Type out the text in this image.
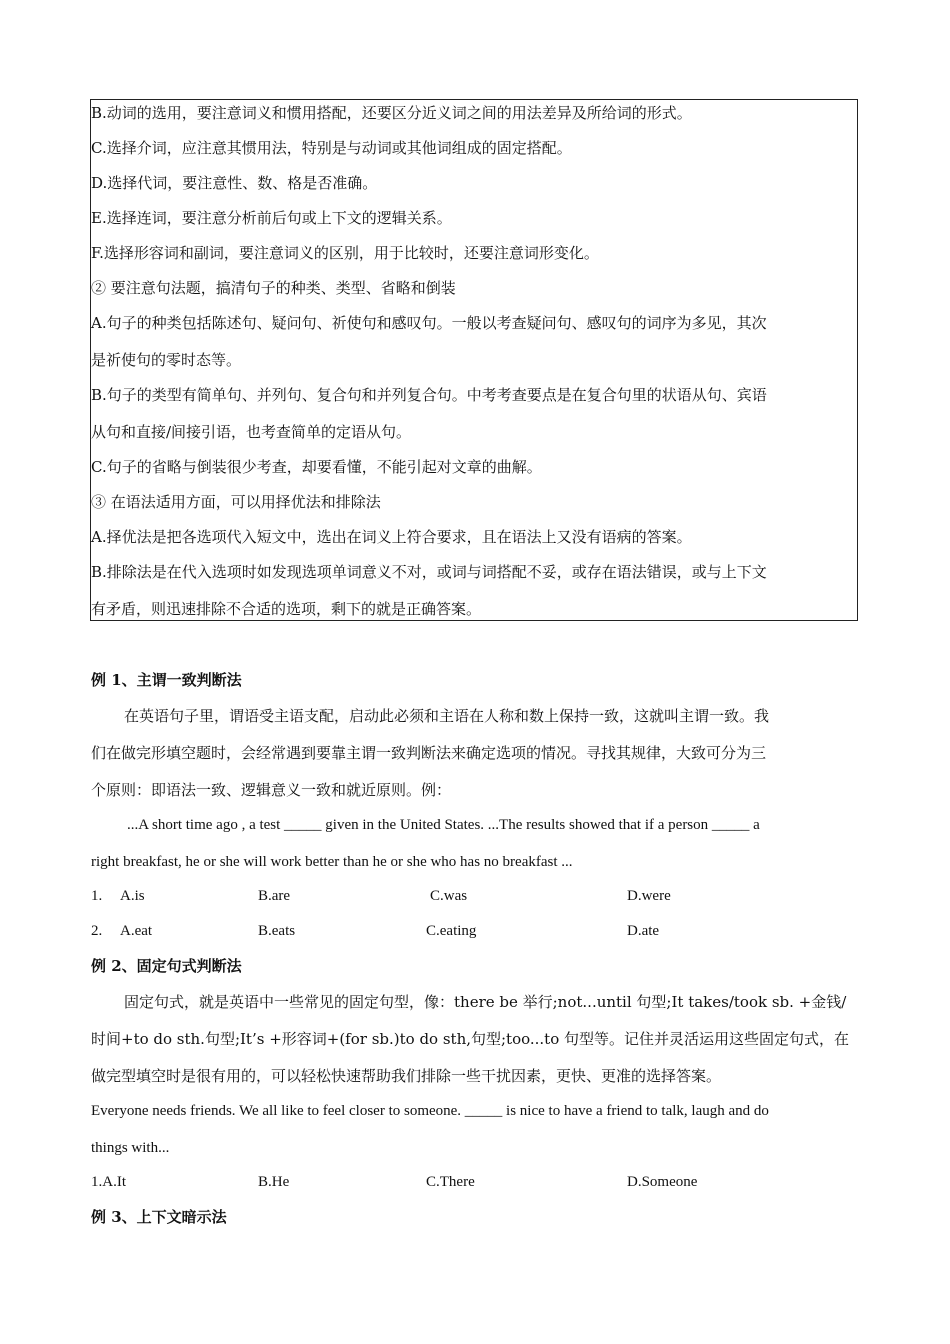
B.动词的选用，要注意词义和惯用搭配，还要区分近义词之间的用法差异及所给词的形式。
C.选择介词，应注意其惯用法，特别是与动词或其他词组成的固定搭配。
D.选择代词，要注意性、数、格是否准确。
E.选择连词，要注意分析前后句或上下文的逻辑关系。
F.选择形容词和副词，要注意词义的区别，用于比较时，还要注意词形变化。
② 要注意句法题，搞清句子的种类、类型、省略和倒装
A.句子的种类包括陈述句、疑问句、祈使句和感叹句。一般以考查疑问句、感叹句的词序为多见，其次
是祈使句的零时态等。
B.句子的类型有简单句、并列句、复合句和并列复合句。中考考查要点是在复合句里的状语从句、宾语
从句和直接/间接引语，也考查简单的定语从句。
C.句子的省略与倒装很少考查，却要看懂，不能引起对文章的曲解。
③ 在语法适用方面，可以用择优法和排除法
A.择优法是把各选项代入短文中，选出在词义上符合要求，且在语法上又没有语病的答案。
B.排除法是在代入选项时如发现选项单词意义不对，或词与词搭配不妥，或存在语法错误，或与上下文
有矛盾，则迅速排除不合适的选项，剩下的就是正确答案。
例 1、主谓一致判断法
在英语句子里，谓语受主语支配，启动此必须和主语在人称和数上保持一致，这就叫主谓一致。我
们在做完形填空题时，会经常遇到要靠主谓一致判断法来确定选项的情况。寻找其规律，大致可分为三
个原则：即语法一致、逻辑意义一致和就近原则。例：
...A short time ago , a test _____ given in the United States. ...The results showed that if a person _____ a
right breakfast, he or she will work better than he or she who has no breakfast ...
1. A.is	B.are	C.was	D.were
2. A.eat	B.eats	C.eating	D.ate
例 2、固定句式判断法
固定句式，就是英语中一些常见的固定句型，像：there be 举行;not...until 句型;It takes/took sb. +金钱/
时间+to do sth.句型;It’s +形容词+(for sb.)to do sth,句型;too...to 句型等。记住并灵活运用这些固定句式，在
做完型填空时是很有用的，可以轻松快速帮助我们排除一些干扰因素，更快、更准的选择答案。
Everyone needs friends. We all like to feel closer to someone. _____ is nice to have a friend to talk, laugh and do
things with...
1.A.It	B.He	C.There	D.Someone
例 3、上下文暗示法
